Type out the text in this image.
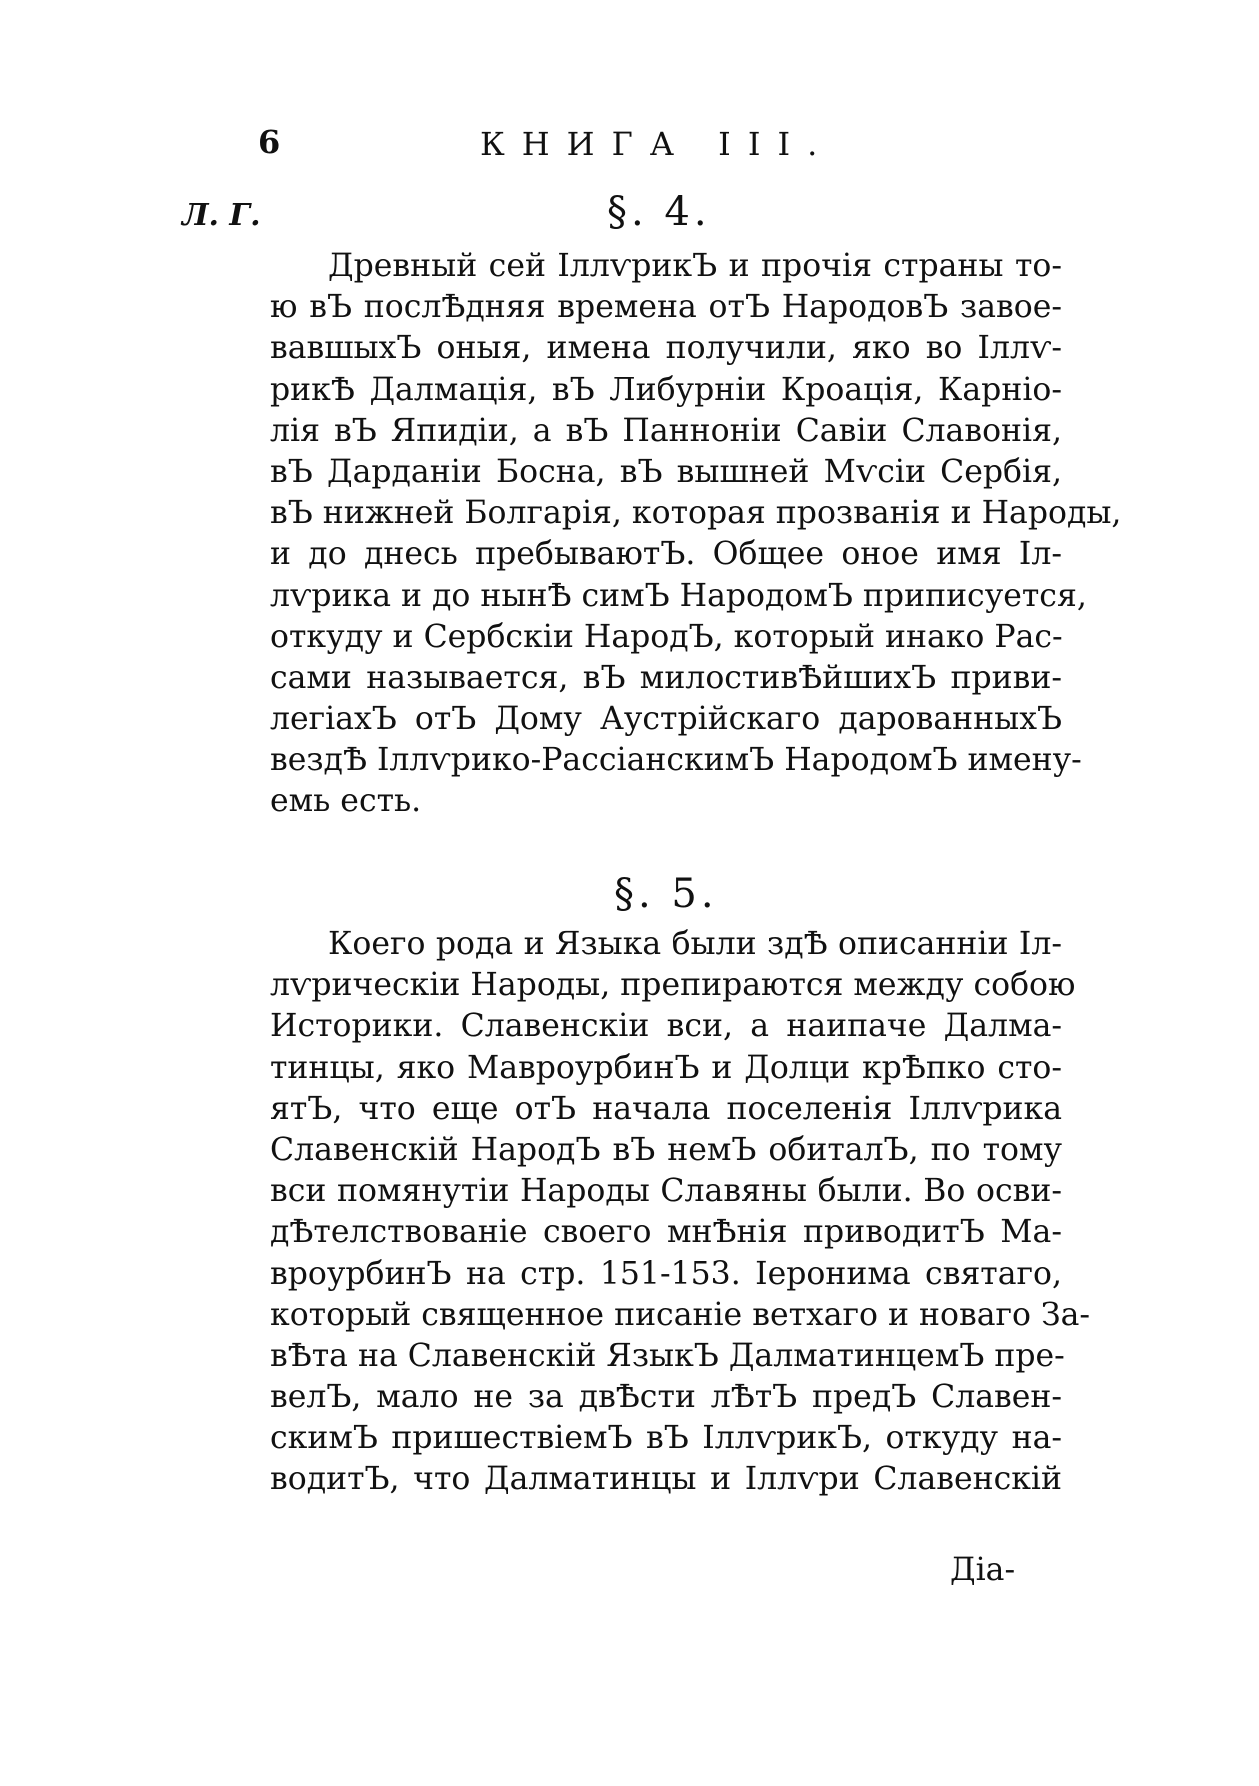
6	КНИГА III.
Л. Г.	§. 4.
Древный сей ІллѵрикЪ и прочія страны то-
ю вЪ послѢдняя времена отЪ НародовЪ завое-
вавшыхЪ оныя, имена получили, яко во Іллѵ-
рикѢ Далмація, вЪ Либурніи Кроація, Карніо-
лія вЪ Япидіи, а вЪ Панноніи Савіи Славонія,
вЪ Дарданіи Босна, вЪ вышней Мѵсіи Сербія,
вЪ нижней Болгарія, которая прозванія и Народы,
и до днесь пребываютЪ. Общее оное имя Іл-
лѵрика и до нынѢ симЪ НародомЪ приписуется,
откуду и Сербскіи НародЪ, который инако Рас-
сами называется, вЪ милостивѢйшихЪ приви-
легіахЪ отЪ Дому Аустрійскаго дарованныхЪ
вездѢ Іллѵрико-РассіанскимЪ НародомЪ имену-
емь есть.
§. 5.
Коего рода и Языка были здѢ описанніи Іл-
лѵрическіи Народы, препираются между собою
Историки. Славенскіи вси, а наипаче Далма-
тинцы, яко МавроурбинЪ и Долци крѢпко сто-
ятЪ, что еще отЪ начала поселенія Іллѵрика
Славенскій НародЪ вЪ немЪ обиталЪ, по тому
вси помянутіи Народы Славяны были. Во осви-
дѢтелствованіе своего мнѢнія приводитЪ Ма-
вроурбинЪ на стр. 151-153. Іеронима святаго,
который священное писаніе ветхаго и новаго За-
вѢта на Славенскій ЯзыкЪ ДалматинцемЪ пре-
велЪ, мало не за двѢсти лѢтЪ предЪ Славен-
скимЪ пришествіемЪ вЪ ІллѵрикЪ, откуду на-
водитЪ, что Далматинцы и Іллѵри Славенскій
Діа-
